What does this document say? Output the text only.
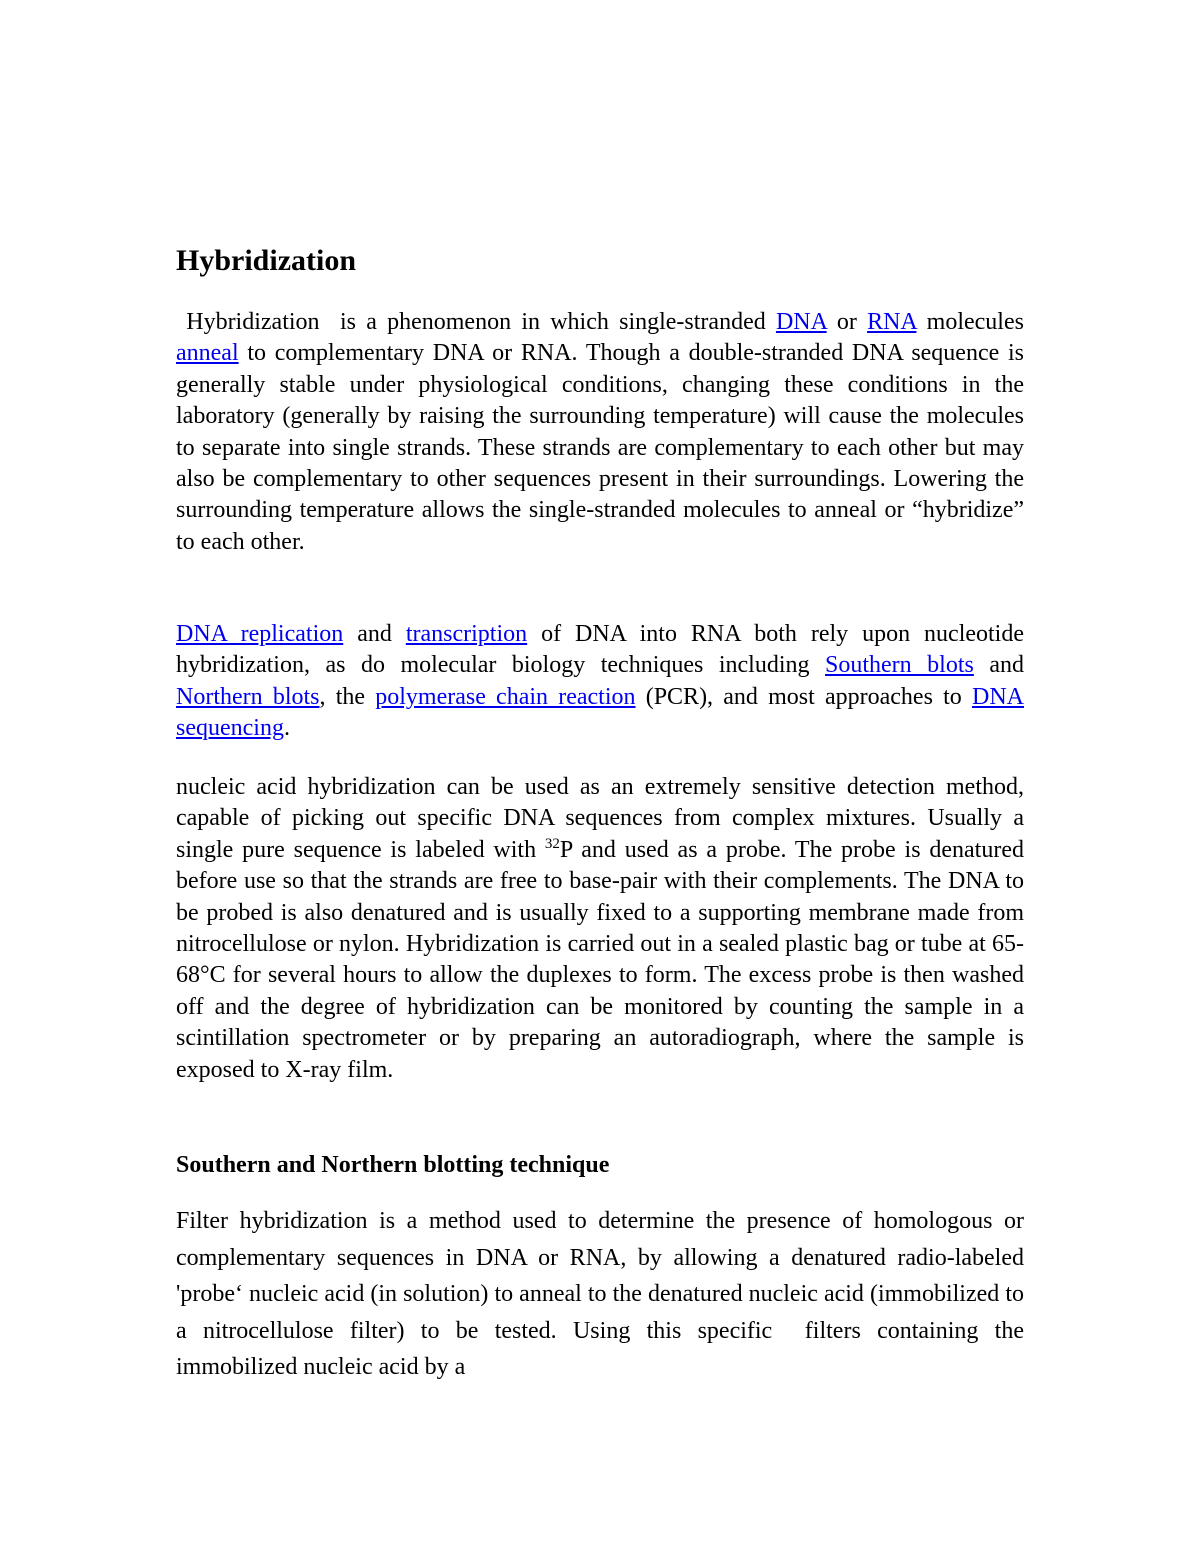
Hybridization

Hybridization  is a phenomenon in which single-stranded DNA or RNA molecules anneal to complementary DNA or RNA. Though a double-stranded DNA sequence is generally stable under physiological conditions, changing these conditions in the laboratory (generally by raising the surrounding temperature) will cause the molecules to separate into single strands. These strands are complementary to each other but may also be complementary to other sequences present in their surroundings. Lowering the surrounding temperature allows the single-stranded molecules to anneal or “hybridize” to each other.

DNA replication and transcription of DNA into RNA both rely upon nucleotide hybridization, as do molecular biology techniques including Southern blots and Northern blots, the polymerase chain reaction (PCR), and most approaches to DNA sequencing.

nucleic acid hybridization can be used as an extremely sensitive detection method, capable of picking out specific DNA sequences from complex mixtures. Usually a single pure sequence is labeled with $^{32}$P and used as a probe. The probe is denatured before use so that the strands are free to base-pair with their complements. The DNA to be probed is also denatured and is usually fixed to a supporting membrane made from nitrocellulose or nylon. Hybridization is carried out in a sealed plastic bag or tube at 65-68°C for several hours to allow the duplexes to form. The excess probe is then washed off and the degree of hybridization can be monitored by counting the sample in a scintillation spectrometer or by preparing an autoradiograph, where the sample is exposed to X-ray film.

Southern and Northern blotting technique

Filter hybridization is a method used to determine the presence of homologous or complementary sequences in DNA or RNA, by allowing a denatured radio-labeled 'probe‘ nucleic acid (in solution) to anneal to the denatured nucleic acid (immobilized to a nitrocellulose filter) to be tested. Using this specific  filters containing the immobilized nucleic acid by a
